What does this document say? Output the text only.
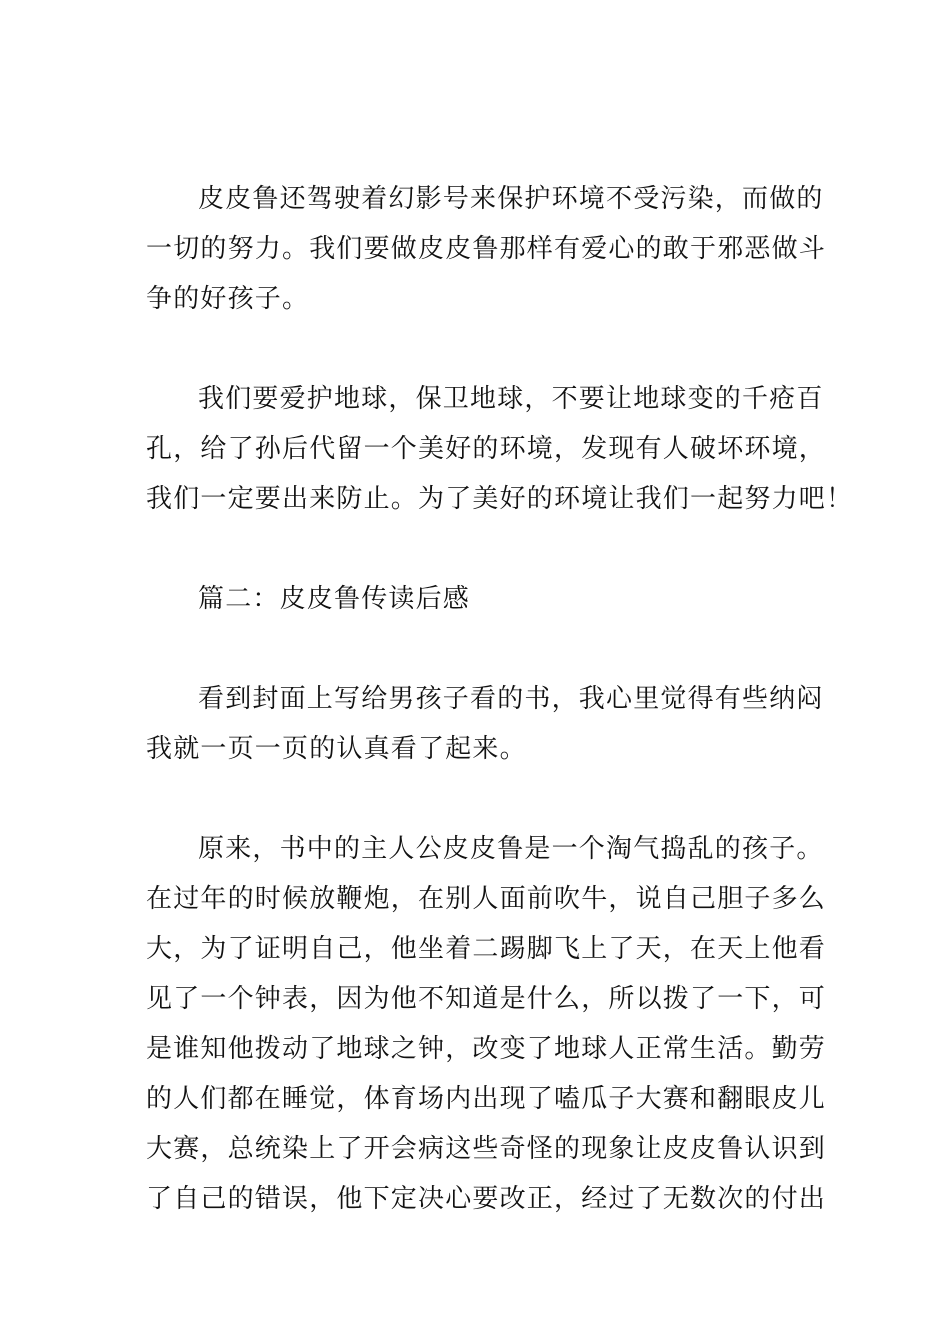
皮皮鲁还驾驶着幻影号来保护环境不受污染，而做的
一切的努力。我们要做皮皮鲁那样有爱心的敢于邪恶做斗
争的好孩子。
我们要爱护地球，保卫地球，不要让地球变的千疮百
孔，给了孙后代留一个美好的环境，发现有人破坏环境，
我们一定要出来防止。为了美好的环境让我们一起努力吧！
篇二：皮皮鲁传读后感
看到封面上写给男孩子看的书，我心里觉得有些纳闷
我就一页一页的认真看了起来。
原来，书中的主人公皮皮鲁是一个淘气捣乱的孩子。
在过年的时候放鞭炮，在别人面前吹牛，说自己胆子多么
大，为了证明自己，他坐着二踢脚飞上了天，在天上他看
见了一个钟表，因为他不知道是什么，所以拨了一下，可
是谁知他拨动了地球之钟，改变了地球人正常生活。勤劳
的人们都在睡觉，体育场内出现了嗑瓜子大赛和翻眼皮儿
大赛，总统染上了开会病这些奇怪的现象让皮皮鲁认识到
了自己的错误，他下定决心要改正，经过了无数次的付出
